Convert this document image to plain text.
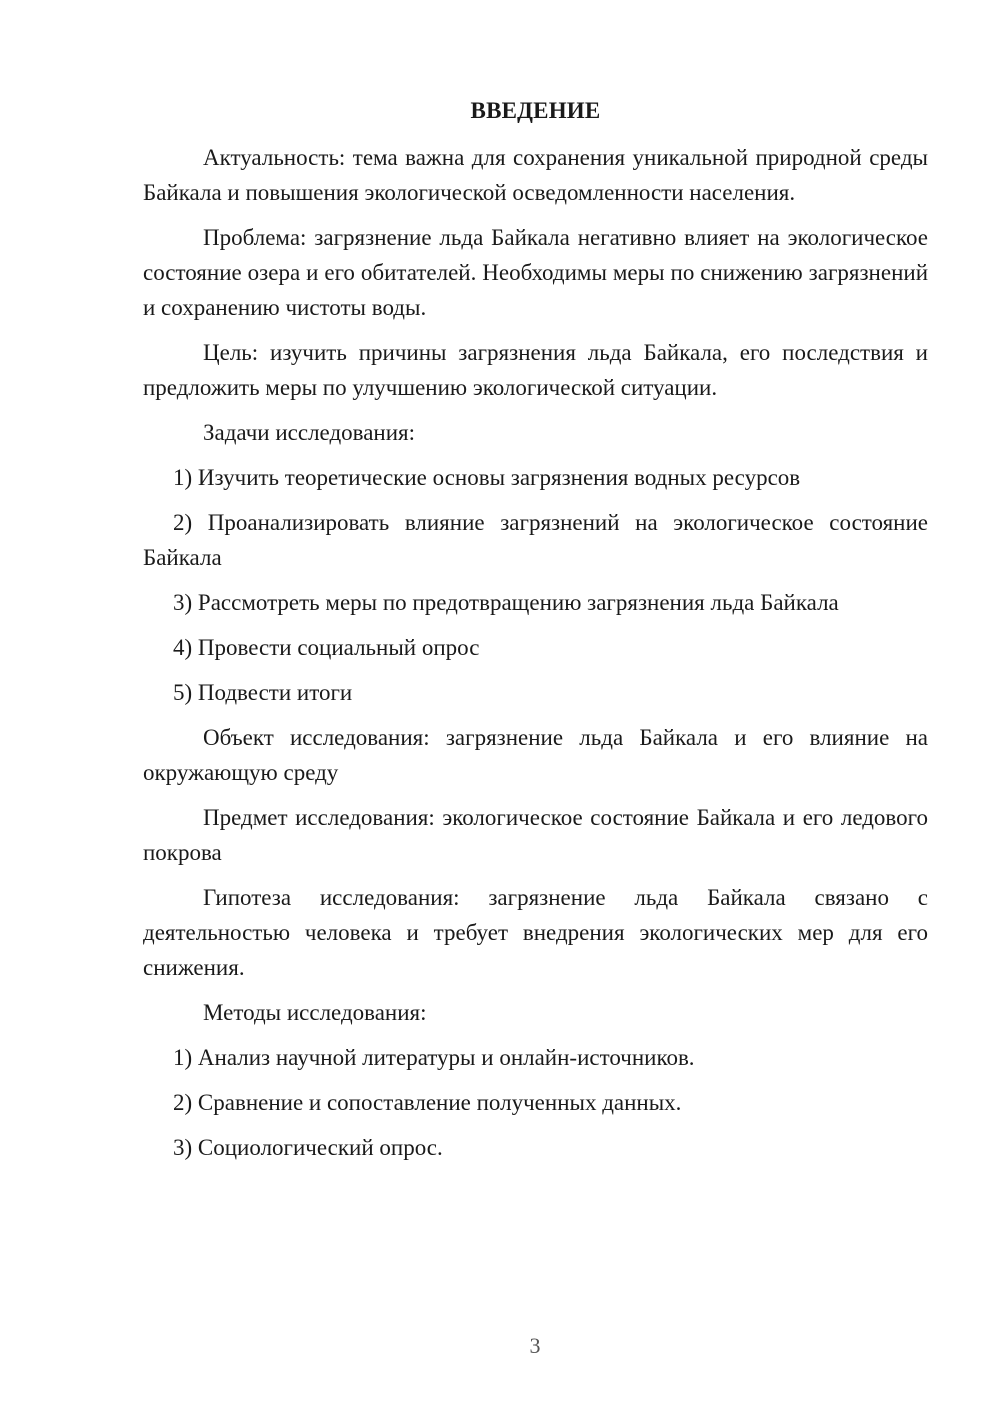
ВВЕДЕНИЕ

Актуальность: тема важна для сохранения уникальной природной среды Байкала и повышения экологической осведомленности населения.

Проблема: загрязнение льда Байкала негативно влияет на экологическое состояние озера и его обитателей. Необходимы меры по снижению загрязнений и сохранению чистоты воды.

Цель: изучить причины загрязнения льда Байкала, его последствия и предложить меры по улучшению экологической ситуации.

Задачи исследования:

1) Изучить теоретические основы загрязнения водных ресурсов

2) Проанализировать влияние загрязнений на экологическое состояние Байкала

3) Рассмотреть меры по предотвращению загрязнения льда Байкала

4) Провести социальный опрос

5) Подвести итоги

Объект исследования: загрязнение льда Байкала и его влияние на окружающую среду

Предмет исследования: экологическое состояние Байкала и его ледового покрова

Гипотеза исследования: загрязнение льда Байкала связано с деятельностью человека и требует внедрения экологических мер для его снижения.

Методы исследования:

1) Анализ научной литературы и онлайн-источников.

2) Сравнение и сопоставление полученных данных.

3) Социологический опрос.

3
